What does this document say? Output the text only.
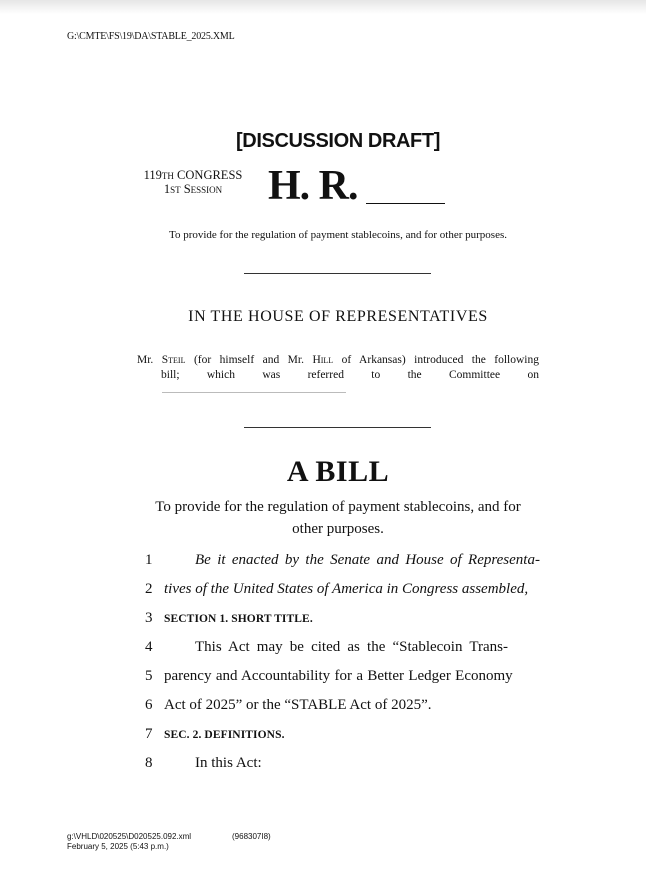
G:\CMTE\FS\19\DA\STABLE_2025.XML
[DISCUSSION DRAFT]
119th CONGRESS
1st Session	H. R.
To provide for the regulation of payment stablecoins, and for other purposes.
IN THE HOUSE OF REPRESENTATIVES
Mr. Steil (for himself and Mr. Hill of Arkansas) introduced the following
bill; which was referred to the Committee on
A BILL
To provide for the regulation of payment stablecoins, and for other purposes.
1	Be it enacted by the Senate and House of Representa-
2 tives of the United States of America in Congress assembled,
3	SECTION 1. SHORT TITLE.
4	This Act may be cited as the “Stablecoin Trans-
5 parency and Accountability for a Better Ledger Economy
6 Act of 2025” or the “STABLE Act of 2025”.
7	SEC. 2. DEFINITIONS.
8	In this Act:
g:\VHLD\020525\D020525.092.xml
February 5, 2025 (5:43 p.m.)
(968307I8)
